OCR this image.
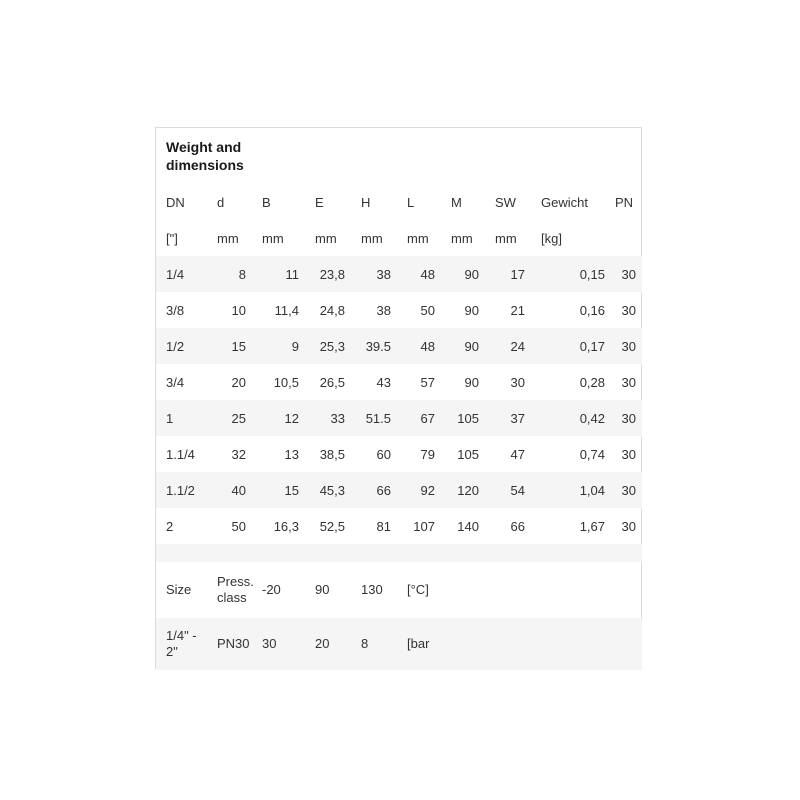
Weight and dimensions
DN	d	B	E	H	L	M	SW	Gewicht	PN
["]	mm	mm	mm	mm	mm	mm	mm	[kg]	
1/4	8	11	23,8	38	48	90	17	0,15	30
3/8	10	11,4	24,8	38	50	90	21	0,16	30
1/2	15	9	25,3	39.5	48	90	24	0,17	30
3/4	20	10,5	26,5	43	57	90	30	0,28	30
1	25	12	33	51.5	67	105	37	0,42	30
1.1/4	32	13	38,5	60	79	105	47	0,74	30
1.1/2	40	15	45,3	66	92	120	54	1,04	30
2	50	16,3	52,5	81	107	140	66	1,67	30

Size	Press. class	-20	90	130	[°C]				
1/4" - 2"	PN30	30	20	8	[bar				
